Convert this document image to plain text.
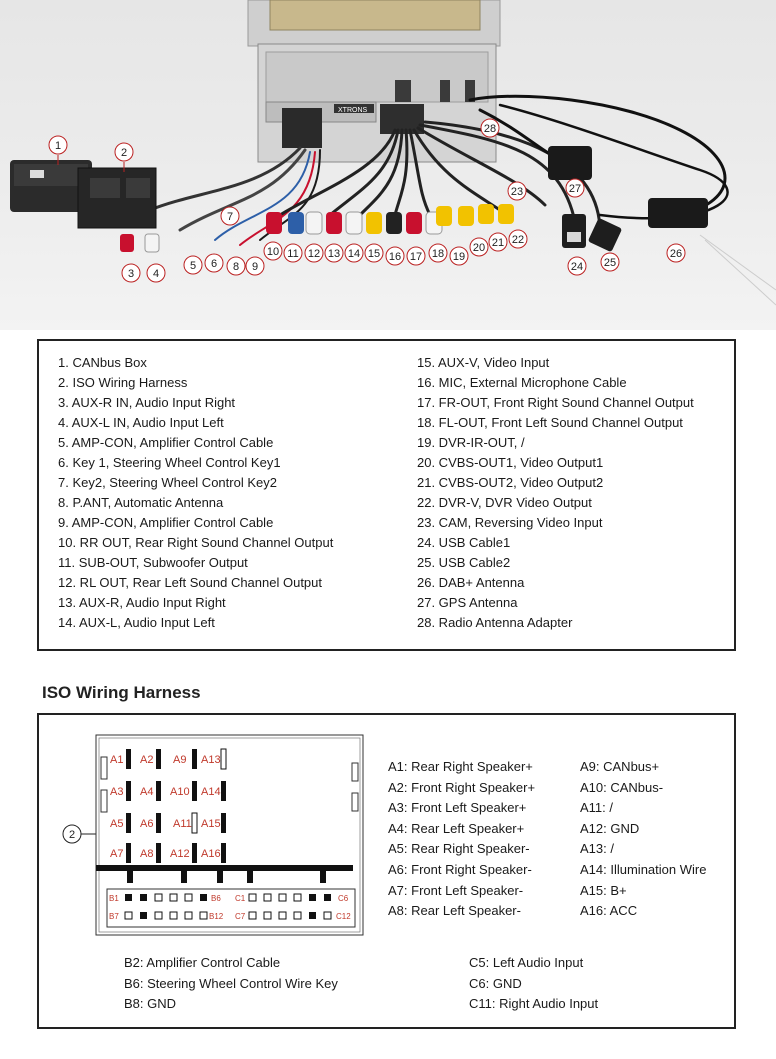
XTRONS
1
2
3 4
5 6
7
8 9
10 11 12 13 14 15 16 17 18 19
20 21 22
23
24 25
26
27
28
1. CANbus Box
2. ISO Wiring Harness
3. AUX-R IN, Audio Input Right
4. AUX-L IN, Audio Input Left
5. AMP-CON, Amplifier Control Cable
6. Key 1, Steering Wheel Control Key1
7. Key2, Steering Wheel Control Key2
8. P.ANT, Automatic Antenna
9. AMP-CON, Amplifier Control Cable
10. RR OUT, Rear Right Sound Channel Output
11. SUB-OUT, Subwoofer Output
12. RL OUT, Rear Left Sound Channel Output
13. AUX-R, Audio Input Right
14. AUX-L, Audio Input Left
15. AUX-V, Video Input
16. MIC, External Microphone Cable
17. FR-OUT, Front Right Sound Channel Output
18. FL-OUT, Front Left Sound Channel Output
19. DVR-IR-OUT, /
20. CVBS-OUT1, Video Output1
21. CVBS-OUT2, Video Output2
22. DVR-V, DVR Video Output
23. CAM, Reversing Video Input
24. USB Cable1
25. USB Cable2
26. DAB+ Antenna
27. GPS Antenna
28. Radio Antenna Adapter
ISO Wiring Harness
2
A1 A2 A9 A13
A3 A4 A10 A14
A5 A6 A11 A15
A7 A8 A12 A16
B1	B6 C1	C6
B7	B12 C7	C12
A1: Rear Right Speaker+
A2: Front Right Speaker+
A3: Front Left Speaker+
A4: Rear Left Speaker+
A5: Rear Right Speaker-
A6: Front Right Speaker-
A7: Front Left Speaker-
A8: Rear Left Speaker-
A9: CANbus+
A10: CANbus-
A11: /
A12: GND
A13: /
A14: Illumination Wire
A15: B+
A16: ACC
B2: Amplifier Control Cable
B6: Steering Wheel Control Wire Key
B8: GND
C5: Left Audio Input
C6: GND
C11: Right Audio Input
